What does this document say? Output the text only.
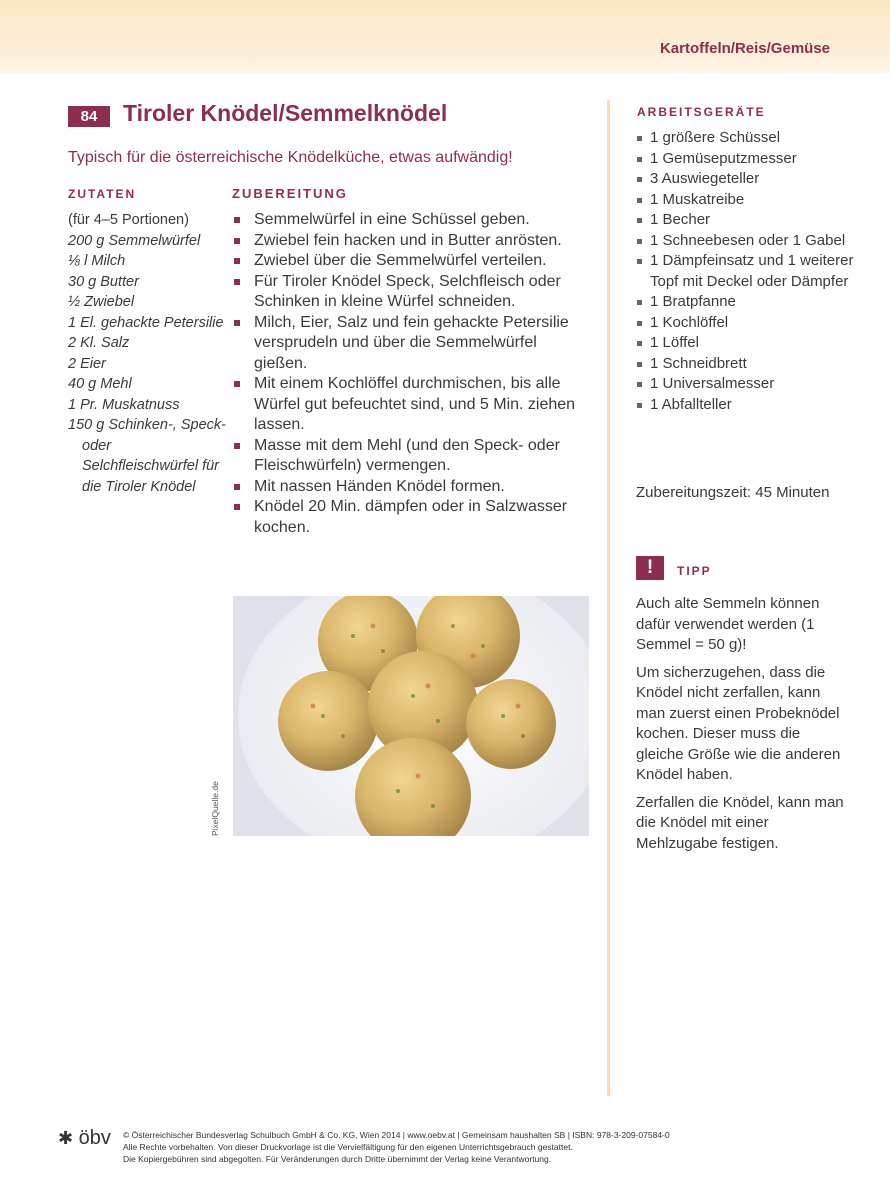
Kartoffeln/Reis/Gemüse
84	Tiroler Knödel/Semmelknödel
Typisch für die österreichische Knödelküche, etwas aufwändig!
ZUTATEN
(für 4–5 Portionen)
200 g Semmelwürfel
⅛ l Milch
30 g Butter
½ Zwiebel
1 El. gehackte Petersilie
2 Kl. Salz
2 Eier
40 g Mehl
1 Pr. Muskatnuss
150 g Schinken-, Speck- oder Selchfleischwürfel für die Tiroler Knödel
ZUBEREITUNG
Semmelwürfel in eine Schüssel geben.
Zwiebel fein hacken und in Butter anrösten.
Zwiebel über die Semmelwürfel verteilen.
Für Tiroler Knödel Speck, Selchfleisch oder Schinken in kleine Würfel schneiden.
Milch, Eier, Salz und fein gehackte Petersilie versprudeln und über die Semmelwürfel gießen.
Mit einem Kochlöffel durchmischen, bis alle Würfel gut befeuchtet sind, und 5 Min. ziehen lassen.
Masse mit dem Mehl (und den Speck- oder Fleischwürfeln) vermengen.
Mit nassen Händen Knödel formen.
Knödel 20 Min. dämpfen oder in Salzwasser kochen.
PixelQuelle.de
ARBEITSGERÄTE
1 größere Schüssel
1 Gemüseputzmesser
3 Auswiegeteller
1 Muskatreibe
1 Becher
1 Schneebesen oder 1 Gabel
1 Dämpfeinsatz und 1 weiterer Topf mit Deckel oder Dämpfer
1 Bratpfanne
1 Kochlöffel
1 Löffel
1 Schneidbrett
1 Universalmesser
1 Abfallteller
Zubereitungszeit: 45 Minuten
!	TIPP

Auch alte Semmeln können dafür verwendet werden (1 Semmel = 50 g)!

Um sicherzugehen, dass die Knödel nicht zerfallen, kann man zuerst einen Probeknödel kochen. Dieser muss die gleiche Größe wie die anderen Knödel haben.

Zerfallen die Knödel, kann man die Knödel mit einer Mehlzugabe festigen.

✱ öbv © Österreichischer Bundesverlag Schulbuch GmbH & Co. KG, Wien 2014 | www.oebv.at | Gemeinsam haushalten SB | ISBN: 978-3-209-07584-0
Alle Rechte vorbehalten. Von dieser Druckvorlage ist die Vervielfältigung für den eigenen Unterrichtsgebrauch gestattet.
Die Kopiergebühren sind abgegolten. Für Veränderungen durch Dritte übernimmt der Verlag keine Verantwortung.
